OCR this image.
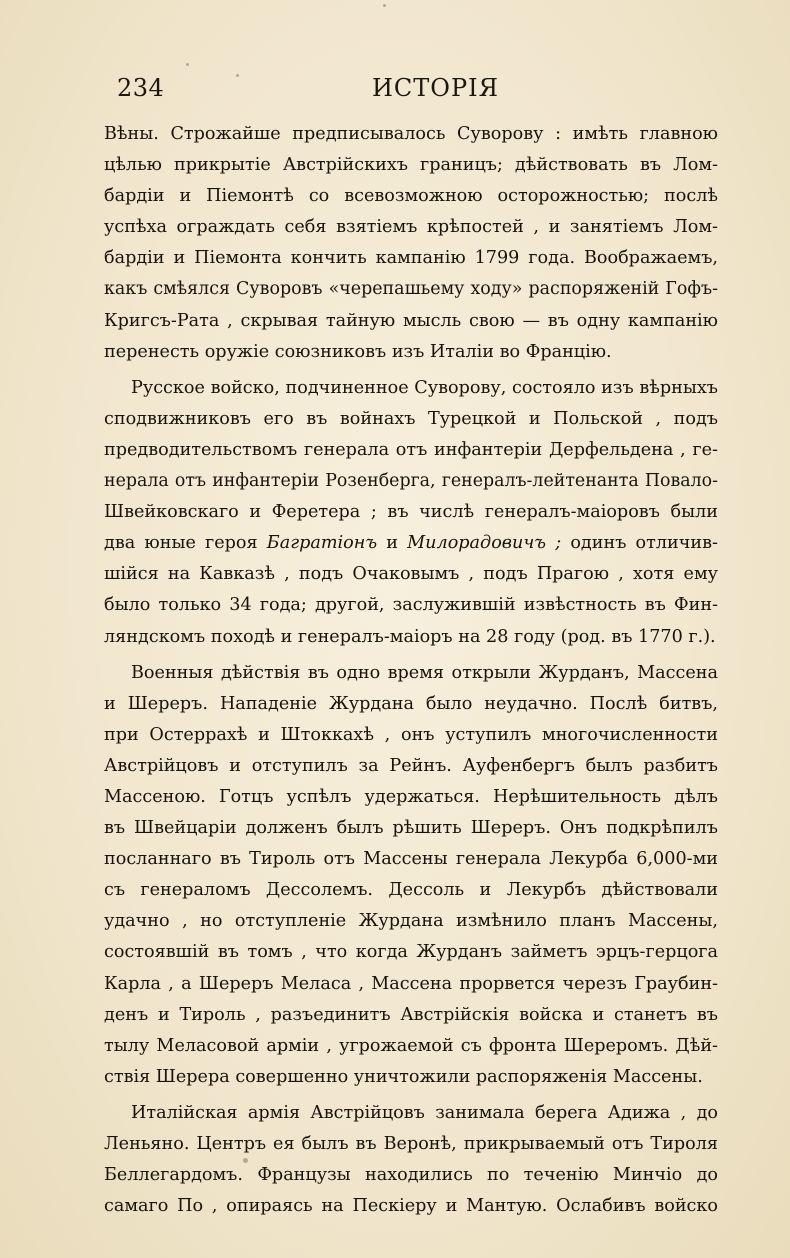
234	ИСТОРІЯ
Вѣны. Строжайше предписывалось Суворову : имѣть главною
цѣлью прикрытіе Австрійскихъ границъ; дѣйствовать въ Лом-
бардіи и Піемонтѣ со всевозможною осторожностью; послѣ
успѣха ограждать себя взятіемъ крѣпостей , и занятіемъ Лом-
бардіи и Піемонта кончить кампанію 1799 года. Воображаемъ,
какъ смѣялся Суворовъ «черепашьему ходу» распоряженій Гофъ-
Кригсъ-Рата , скрывая тайную мысль свою — въ одну кампанію
перенесть оружіе союзниковъ изъ Италіи во Францію.
Русское войско, подчиненное Суворову, состояло изъ вѣрныхъ
сподвижниковъ его въ войнахъ Турецкой и Польской , подъ
предводительствомъ генерала отъ инфантеріи Дерфельдена , ге-
нерала отъ инфантеріи Розенберга, генералъ-лейтенанта Повало-
Швейковскаго и Феретера ; въ числѣ генералъ-маіоровъ были
два юные героя Багратіонъ и Милорадовичъ ; одинъ отличив-
шійся на Кавказѣ , подъ Очаковымъ , подъ Прагою , хотя ему
было только 34 года; другой, заслужившій извѣстность въ Фин-
ляндскомъ походѣ и генералъ-маіоръ на 28 году (род. въ 1770 г.).
Военныя дѣйствія въ одно время открыли Журданъ, Массена
и Шереръ. Нападеніе Журдана было неудачно. Послѣ битвъ,
при Остеррахѣ и Штоккахѣ , онъ уступилъ многочисленности
Австрійцовъ и отступилъ за Рейнъ. Ауфенбергъ былъ разбитъ
Массеною. Готцъ успѣлъ удержаться. Нерѣшительность дѣлъ
въ Швейцаріи долженъ былъ рѣшить Шереръ. Онъ подкрѣпилъ
посланнаго въ Тироль отъ Массены генерала Лекурба 6,000-ми
съ генераломъ Дессолемъ. Дессоль и Лекурбъ дѣйствовали
удачно , но отступленіе Журдана измѣнило планъ Массены,
состоявшій въ томъ , что когда Журданъ займетъ эрцъ-герцога
Карла , а Шереръ Меласа , Массена прорвется черезъ Граубин-
денъ и Тироль , разъединитъ Австрійскія войска и станетъ въ
тылу Меласовой арміи , угрожаемой съ фронта Шереромъ. Дѣй-
ствія Шерера совершенно уничтожили распоряженія Массены.
Италійская армія Австрійцовъ занимала берега Адижа , до
Леньяно. Центръ ея былъ въ Веронѣ, прикрываемый отъ Тироля
Беллегардомъ. Французы находились по теченію Минчіо до
самаго По , опираясь на Пескіеру и Мантую. Ослабивъ войско
